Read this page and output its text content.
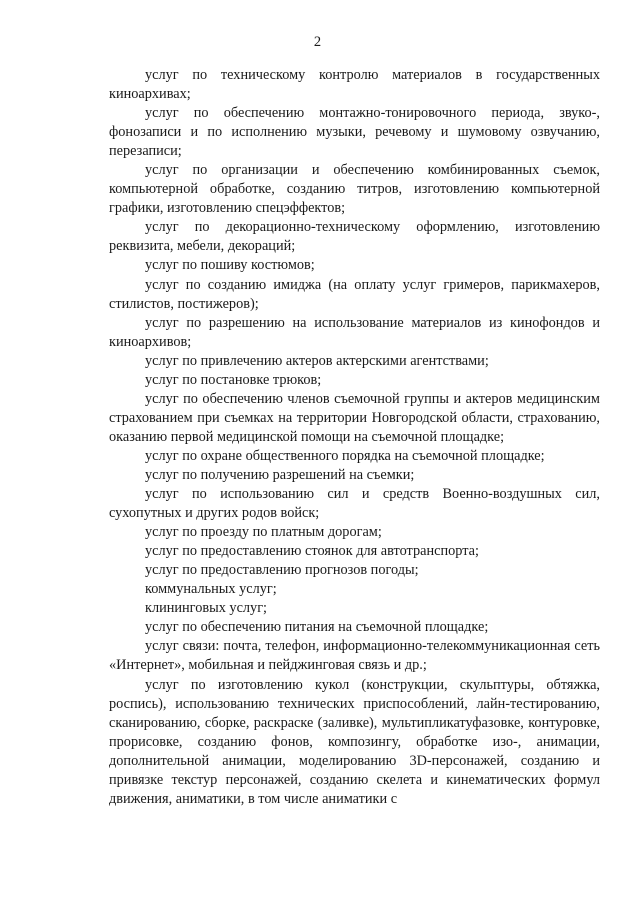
2

услуг по техническому контролю материалов в государственных киноархивах;

услуг по обеспечению монтажно-тонировочного периода, звуко-, фонозаписи и по исполнению музыки, речевому и шумовому озвучанию, перезаписи;

услуг по организации и обеспечению комбинированных съемок, компьютерной обработке, созданию титров, изготовлению компьютерной графики, изготовлению спецэффектов;

услуг по декорационно-техническому оформлению, изготовлению реквизита, мебели, декораций;

услуг по пошиву костюмов;

услуг по созданию имиджа (на оплату услуг гримеров, парикмахеров, стилистов, постижеров);

услуг по разрешению на использование материалов из кинофондов и киноархивов;

услуг по привлечению актеров актерскими агентствами;

услуг по постановке трюков;

услуг по обеспечению членов съемочной группы и актеров медицинским страхованием при съемках на территории Новгородской области, страхованию, оказанию первой медицинской помощи на съемочной площадке;

услуг по охране общественного порядка на съемочной площадке;

услуг по получению разрешений на съемки;

услуг по использованию сил и средств Военно-воздушных сил, сухопутных и других родов войск;

услуг по проезду по платным дорогам;

услуг по предоставлению стоянок для автотранспорта;

услуг по предоставлению прогнозов погоды;

коммунальных услуг;

клининговых услуг;

услуг по обеспечению питания на съемочной площадке;

услуг связи: почта, телефон, информационно-телекоммуникационная сеть «Интернет», мобильная и пейджинговая связь и др.;

услуг по изготовлению кукол (конструкции, скульптуры, обтяжка, роспись), использованию технических приспособлений, лайн-тестированию, сканированию, сборке, раскраске (заливке), мультипликатуфазовке, контуровке, прорисовке, созданию фонов, композингу, обработке изо-, анимации, дополнительной анимации, моделированию 3D-персонажей, созданию и привязке текстур персонажей, созданию скелета и кинематических формул движения, аниматики, в том числе аниматики с
